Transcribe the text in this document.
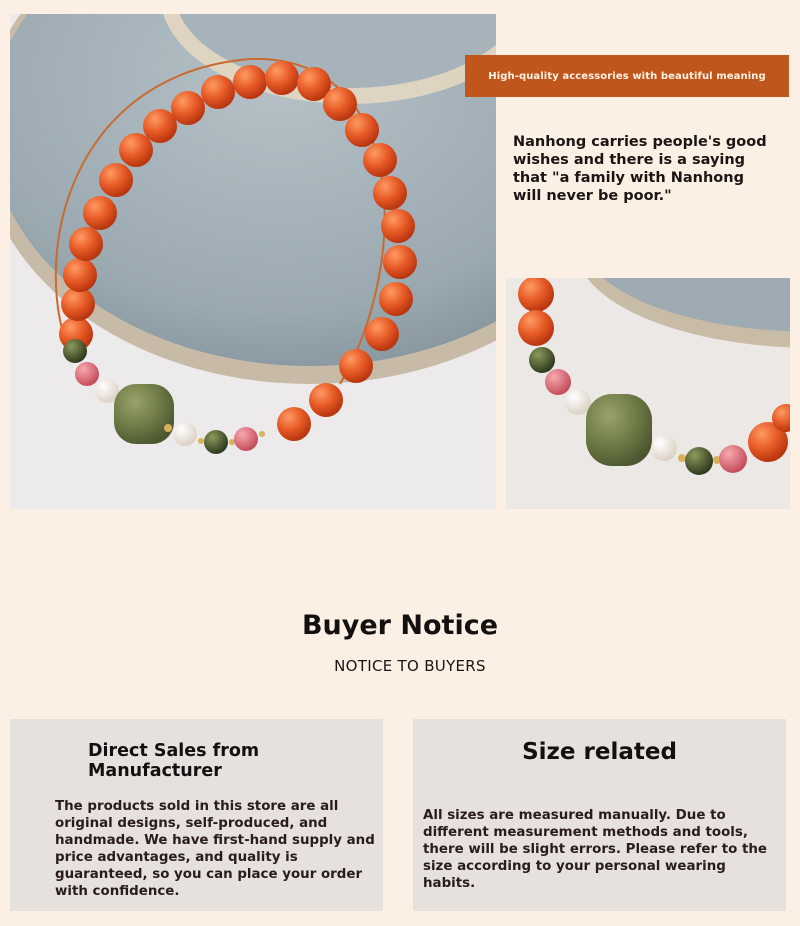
High-quality accessories with beautiful meaning
Nanhong carries people's good wishes and there is a saying that "a family with Nanhong will never be poor."
Buyer Notice
NOTICE TO BUYERS
Direct Sales from Manufacturer
The products sold in this store are all original designs, self-produced, and handmade. We have first-hand supply and price advantages, and quality is guaranteed, so you can place your order with confidence.
Size related
All sizes are measured manually. Due to different measurement methods and tools, there will be slight errors. Please refer to the size according to your personal wearing habits.
